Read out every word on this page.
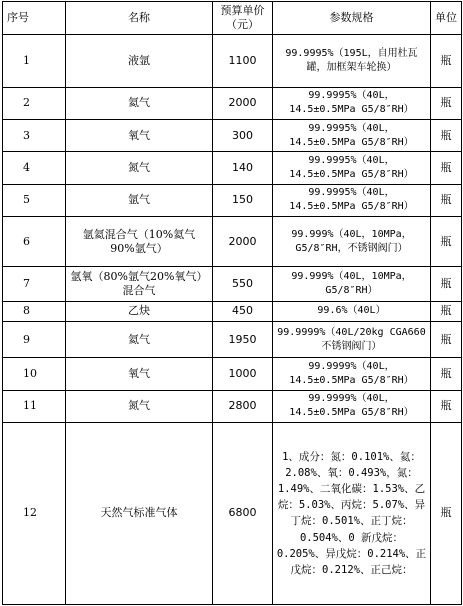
序号	名称	预算单价（元）	参数规格	单位
1	液氩	1100	99.9995%（195L，自用杜瓦罐，加框架车轮换）	瓶
2	氦气	2000	99.9995%（40L，14.5±0.5MPa G5/8″RH）	瓶
3	氧气	300	99.9995%（40L，14.5±0.5MPa G5/8″RH）	瓶
4	氮气	140	99.9995%（40L，14.5±0.5MPa G5/8″RH）	瓶
5	氩气	150	99.9995%（40L，14.5±0.5MPa G5/8″RH）	瓶
6	氩氦混合气（10%氦气 90%氩气）	2000	99.999%（40L，10MPa，G5/8″RH，不锈钢阀门）	瓶
7	氩氧（80%氩气20%氧气）混合气	550	99.999%（40L，10MPa，G5/8″RH）	瓶
8	乙炔	450	99.6%（40L）	瓶
9	氦气	1950	99.9999%（40L/20kg CGA660 不锈钢阀门）	瓶
10	氧气	1000	99.9999%（40L，14.5±0.5MPa G5/8″RH）	瓶
11	氮气	2800	99.9999%（40L，14.5±0.5MPa G5/8″RH）	瓶
12	天然气标准气体	6800	1、成分：氮：0.101%、氦：2.08%、氧：0.493%，氮：1.49%、二氧化碳：1.53%、乙烷：5.03%、丙烷：5.07%、异丁烷：0.501%、正丁烷：0.504%、0 新戊烷：0.205%、异戊烷：0.214%、正戊烷：0.212%、正己烷：	瓶
